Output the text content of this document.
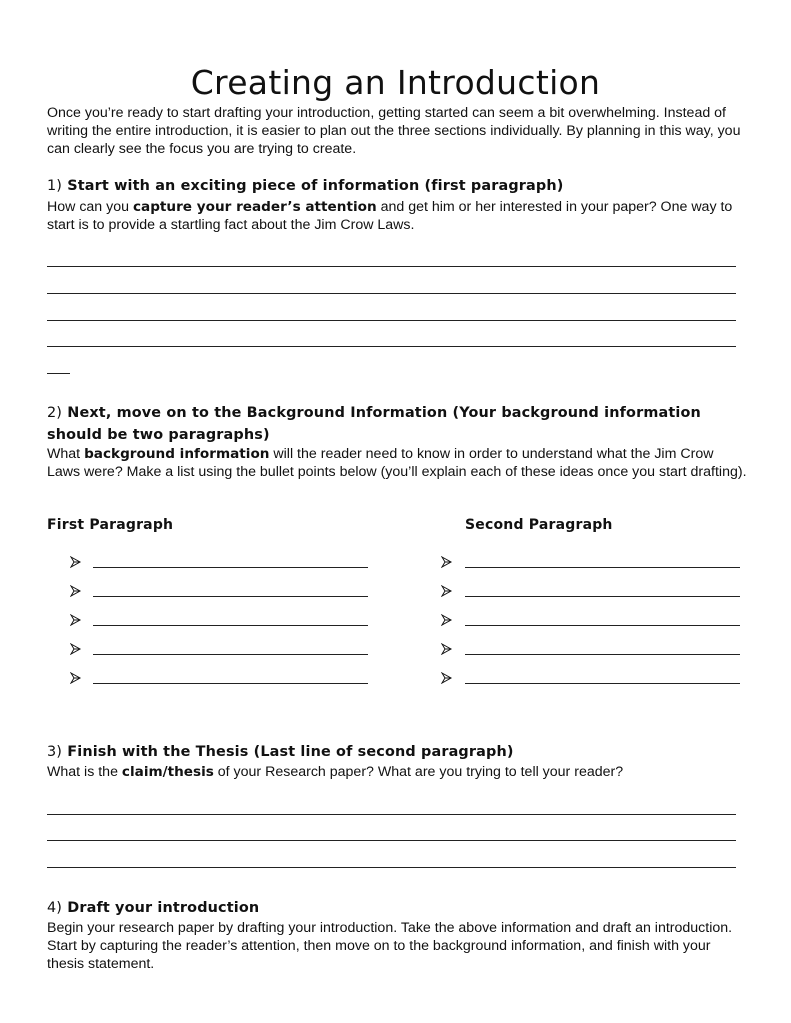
Creating an Introduction
Once you’re ready to start drafting your introduction, getting started can seem a bit overwhelming. Instead of writing the entire introduction, it is easier to plan out the three sections individually. By planning in this way, you can clearly see the focus you are trying to create.
1) Start with an exciting piece of information (first paragraph)
How can you capture your reader’s attention and get him or her interested in your paper? One way to start is to provide a startling fact about the Jim Crow Laws.
2) Next, move on to the Background Information (Your background information should be two paragraphs)
What background information will the reader need to know in order to understand what the Jim Crow Laws were? Make a list using the bullet points below (you’ll explain each of these ideas once you start drafting).
First Paragraph	Second Paragraph
3) Finish with the Thesis (Last line of second paragraph)
What is the claim/thesis of your Research paper? What are you trying to tell your reader?
4) Draft your introduction
Begin your research paper by drafting your introduction. Take the above information and draft an introduction. Start by capturing the reader’s attention, then move on to the background information, and finish with your thesis statement.
